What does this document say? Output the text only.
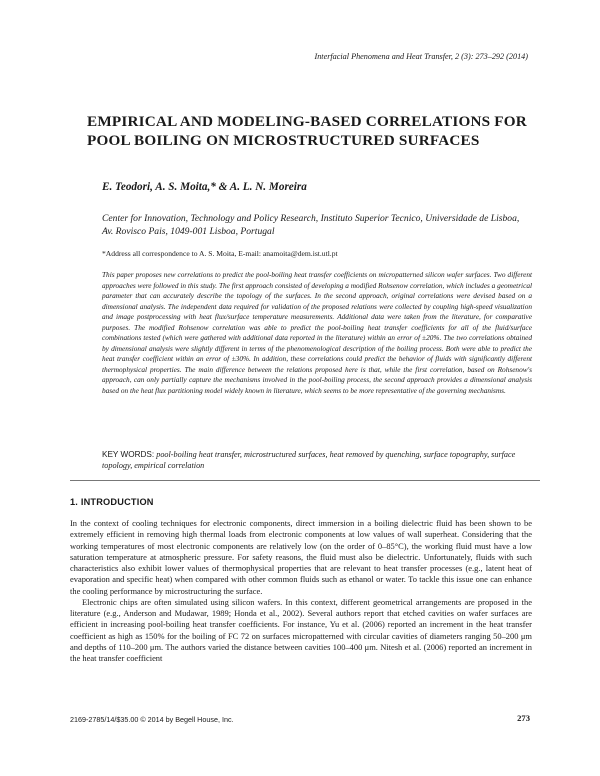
Interfacial Phenomena and Heat Transfer, 2 (3): 273–292 (2014)
EMPIRICAL AND MODELING-BASED CORRELATIONS FOR POOL BOILING ON MICROSTRUCTURED SURFACES
E. Teodori, A. S. Moita,* & A. L. N. Moreira
Center for Innovation, Technology and Policy Research, Instituto Superior Tecnico, Universidade de Lisboa, Av. Rovisco Pais, 1049-001 Lisboa, Portugal
*Address all correspondence to A. S. Moita, E-mail: anamoita@dem.ist.utl.pt
This paper proposes new correlations to predict the pool-boiling heat transfer coefficients on micropatterned silicon wafer surfaces. Two different approaches were followed in this study. The first approach consisted of developing a modified Rohsenow correlation, which includes a geometrical parameter that can accurately describe the topology of the surfaces. In the second approach, original correlations were devised based on a dimensional analysis. The independent data required for validation of the proposed relations were collected by coupling high-speed visualization and image postprocessing with heat flux/surface temperature measurements. Additional data were taken from the literature, for comparative purposes. The modified Rohsenow correlation was able to predict the pool-boiling heat transfer coefficients for all of the fluid/surface combinations tested (which were gathered with additional data reported in the literature) within an error of ±20%. The two correlations obtained by dimensional analysis were slightly different in terms of the phenomenological description of the boiling process. Both were able to predict the heat transfer coefficient within an error of ±30%. In addition, these correlations could predict the behavior of fluids with significantly different thermophysical properties. The main difference between the relations proposed here is that, while the first correlation, based on Rohsenow's approach, can only partially capture the mechanisms involved in the pool-boiling process, the second approach provides a dimensional analysis based on the heat flux partitioning model widely known in literature, which seems to be more representative of the governing mechanisms.
KEY WORDS: pool-boiling heat transfer, microstructured surfaces, heat removed by quenching, surface topography, surface topology, empirical correlation
1. INTRODUCTION

In the context of cooling techniques for electronic components, direct immersion in a boiling dielectric fluid has been shown to be extremely efficient in removing high thermal loads from electronic components at low values of wall superheat. Considering that the working temperatures of most electronic components are relatively low (on the order of 0–85°C), the working fluid must have a low saturation temperature at atmospheric pressure. For safety reasons, the fluid must also be dielectric. Unfortunately, fluids with such characteristics also exhibit lower values of thermophysical properties that are relevant to heat transfer processes (e.g., latent heat of evaporation and specific heat) when compared with other common fluids such as ethanol or water. To tackle this issue one can enhance the cooling performance by microstructuring the surface.

Electronic chips are often simulated using silicon wafers. In this context, different geometrical arrangements are proposed in the literature (e.g., Anderson and Mudawar, 1989; Honda et al., 2002). Several authors report that etched cavities on wafer surfaces are efficient in increasing pool-boiling heat transfer coefficients. For instance, Yu et al. (2006) reported an increment in the heat transfer coefficient as high as 150% for the boiling of FC 72 on surfaces micropatterned with circular cavities of diameters ranging 50–200 μm and depths of 110–200 μm. The authors varied the distance between cavities 100–400 μm. Nitesh et al. (2006) reported an increment in the heat transfer coefficient

2169-2785/14/$35.00 © 2014 by Begell House, Inc.	273
